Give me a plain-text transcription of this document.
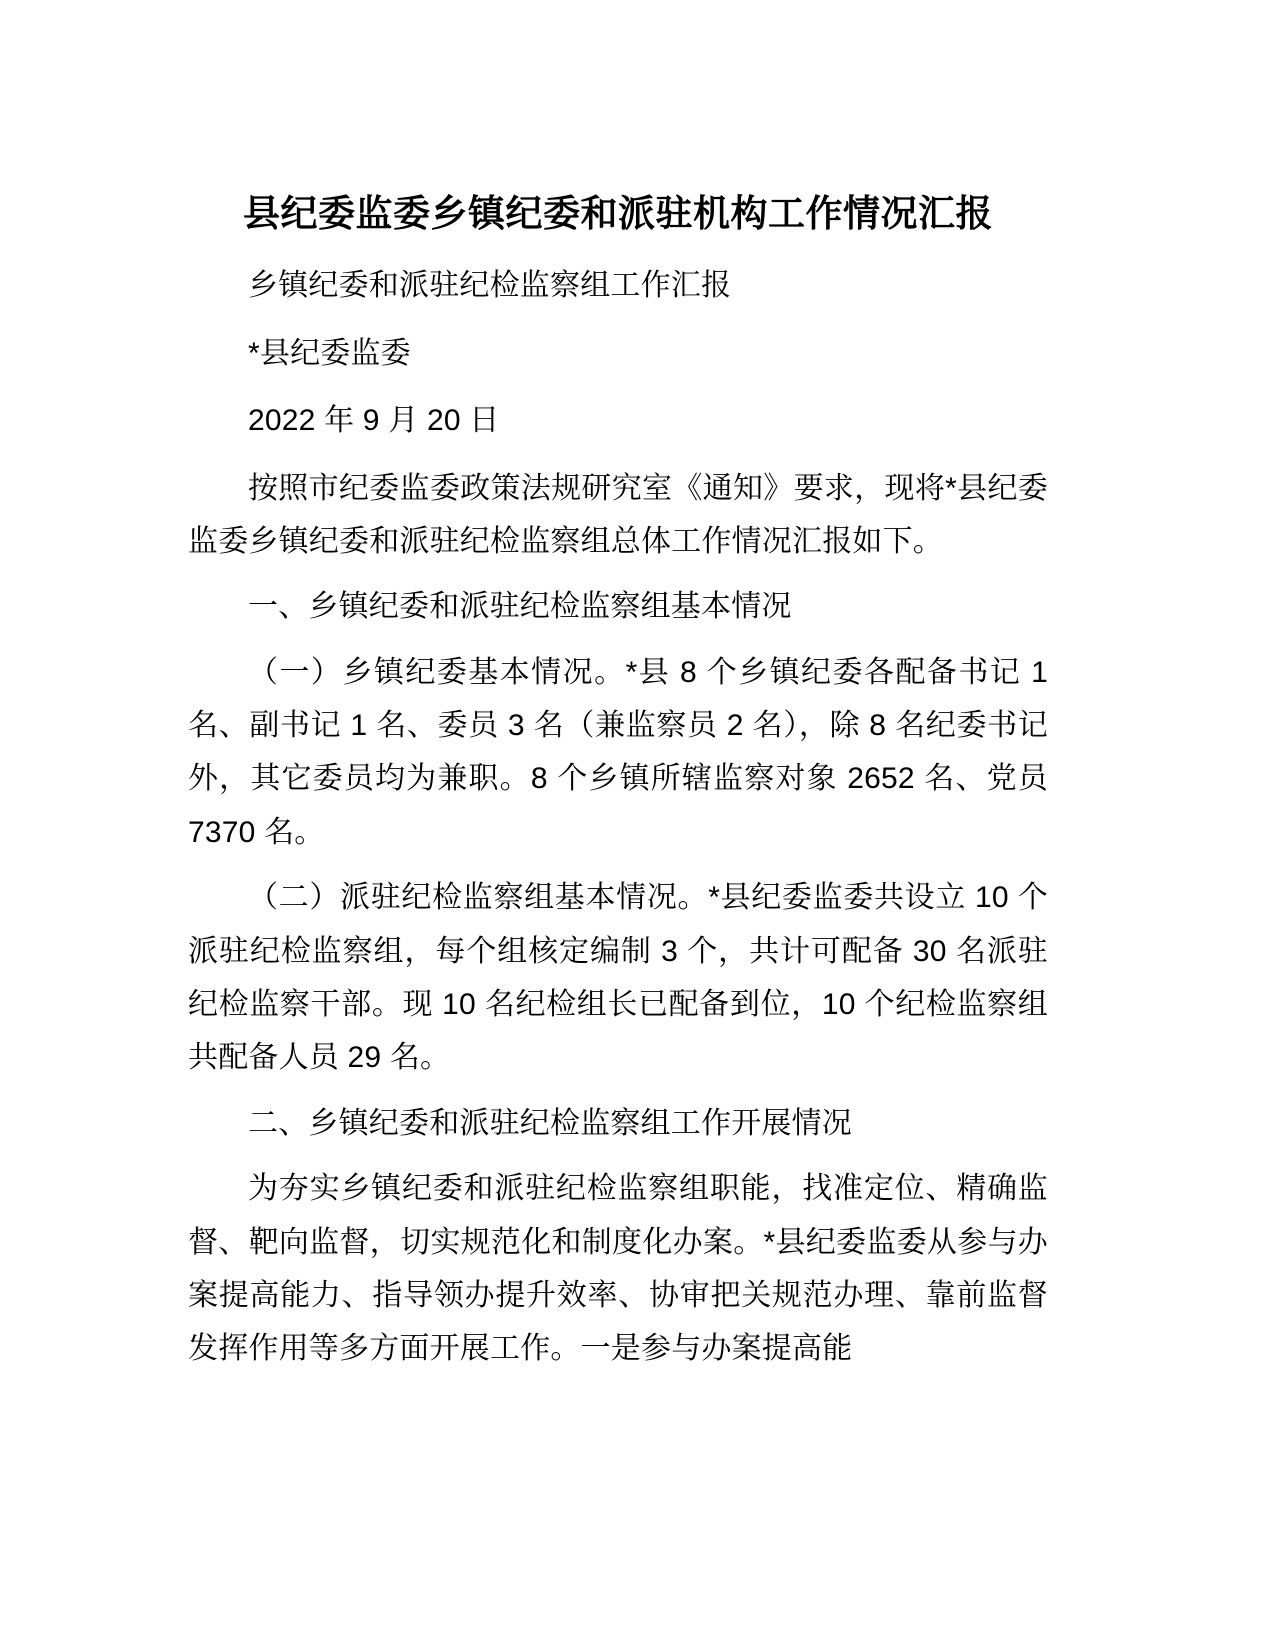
县纪委监委乡镇纪委和派驻机构工作情况汇报

乡镇纪委和派驻纪检监察组工作汇报

*县纪委监委

2022 年 9 月 20 日

按照市纪委监委政策法规研究室《通知》要求，现将*县纪委监委乡镇纪委和派驻纪检监察组总体工作情况汇报如下。

一、乡镇纪委和派驻纪检监察组基本情况

（一）乡镇纪委基本情况。*县 8 个乡镇纪委各配备书记 1 名、副书记 1 名、委员 3 名（兼监察员 2 名），除 8 名纪委书记外，其它委员均为兼职。8 个乡镇所辖监察对象 2652 名、党员 7370 名。

（二）派驻纪检监察组基本情况。*县纪委监委共设立 10 个派驻纪检监察组，每个组核定编制 3 个，共计可配备 30 名派驻纪检监察干部。现 10 名纪检组长已配备到位，10 个纪检监察组共配备人员 29 名。

二、乡镇纪委和派驻纪检监察组工作开展情况

为夯实乡镇纪委和派驻纪检监察组职能，找准定位、精确监督、靶向监督，切实规范化和制度化办案。*县纪委监委从参与办案提高能力、指导领办提升效率、协审把关规范办理、靠前监督发挥作用等多方面开展工作。一是参与办案提高能
